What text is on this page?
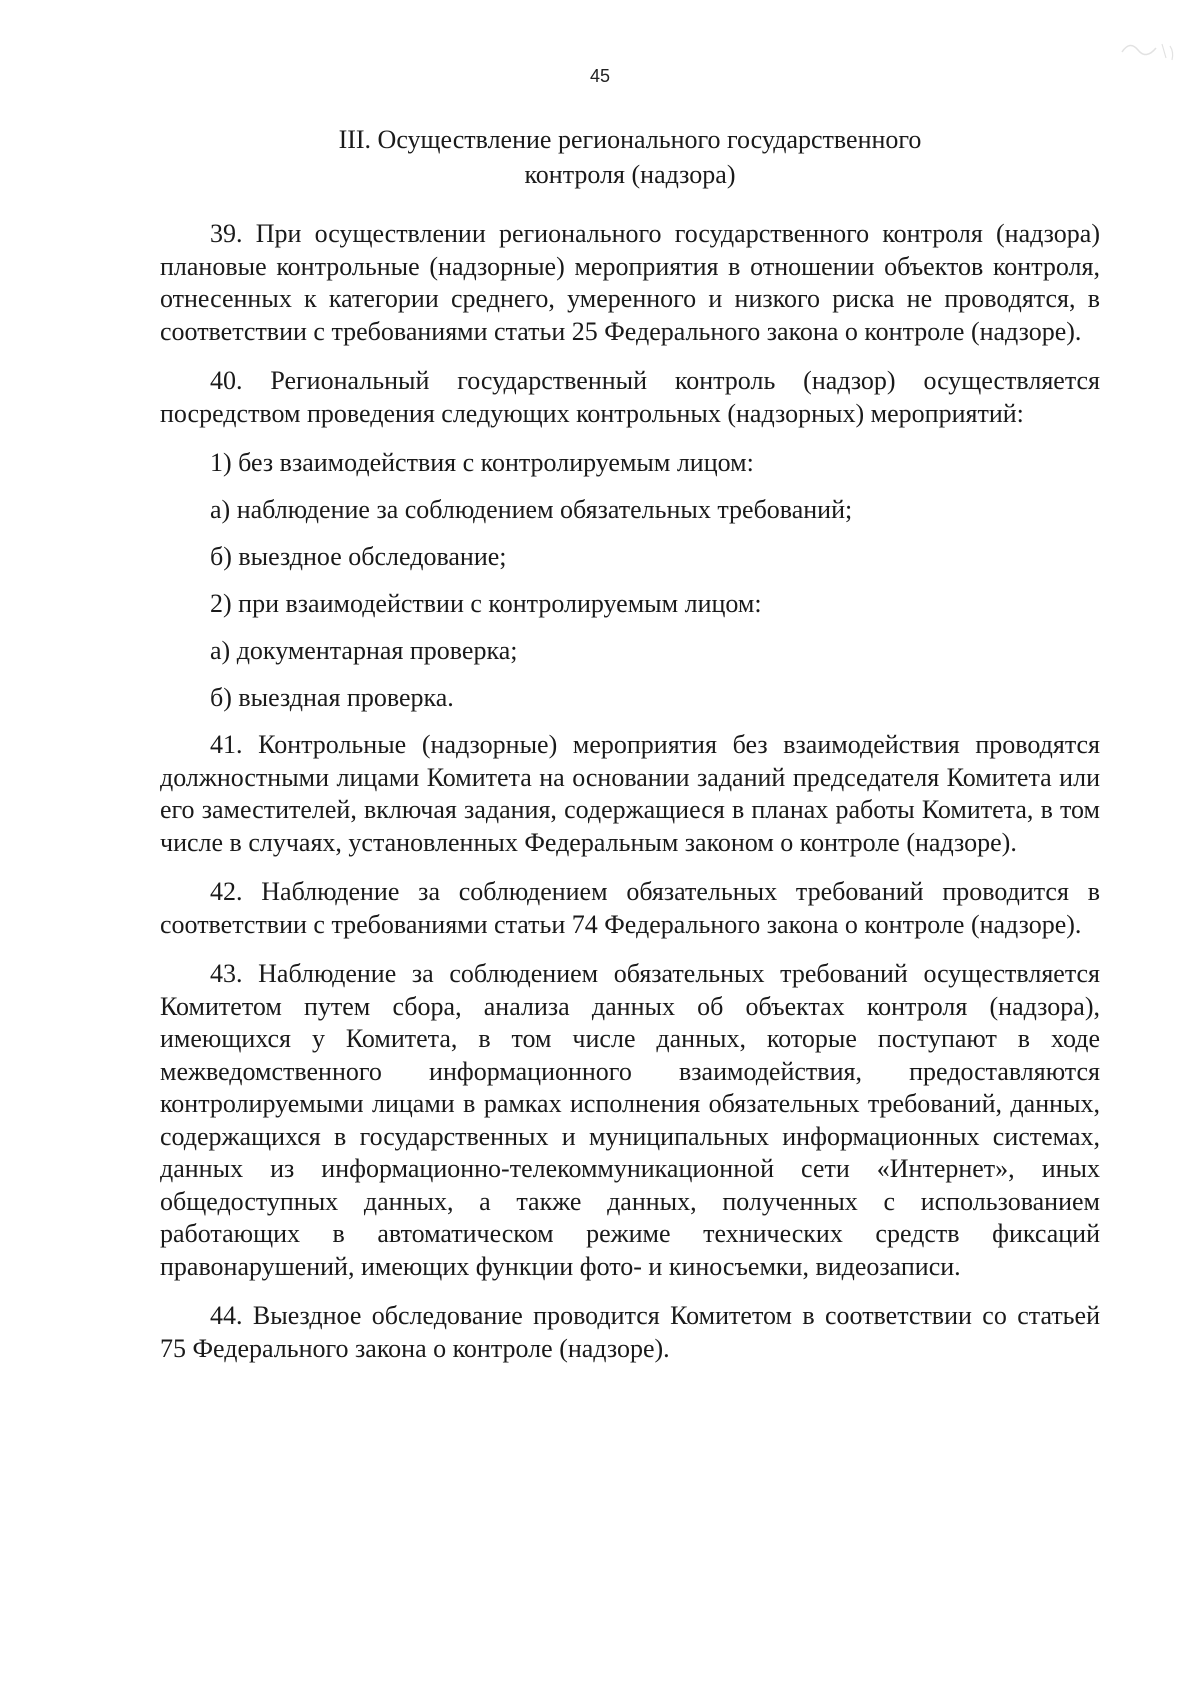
45
III. Осуществление регионального государственного
контроля (надзора)

39. При осуществлении регионального государственного контроля (надзора) плановые контрольные (надзорные) мероприятия в отношении объектов контроля, отнесенных к категории среднего, умеренного и низкого риска не проводятся, в соответствии с требованиями статьи 25 Федерального закона о контроле (надзоре).

40. Региональный государственный контроль (надзор) осуществляется посредством проведения следующих контрольных (надзорных) мероприятий:

1) без взаимодействия с контролируемым лицом:

а) наблюдение за соблюдением обязательных требований;

б) выездное обследование;

2) при взаимодействии с контролируемым лицом:

а) документарная проверка;

б) выездная проверка.

41. Контрольные (надзорные) мероприятия без взаимодействия проводятся должностными лицами Комитета на основании заданий председателя Комитета или его заместителей, включая задания, содержащиеся в планах работы Комитета, в том числе в случаях, установленных Федеральным законом о контроле (надзоре).

42. Наблюдение за соблюдением обязательных требований проводится в соответствии с требованиями статьи 74 Федерального закона о контроле (надзоре).

43. Наблюдение за соблюдением обязательных требований осуществляется Комитетом путем сбора, анализа данных об объектах контроля (надзора), имеющихся у Комитета, в том числе данных, которые поступают в ходе межведомственного информационного взаимодействия, предоставляются контролируемыми лицами в рамках исполнения обязательных требований, данных, содержащихся в государственных и муниципальных информационных системах, данных из информационно-телекоммуникационной сети «Интернет», иных общедоступных данных, а также данных, полученных с использованием работающих в автоматическом режиме технических средств фиксаций правонарушений, имеющих функции фото- и киносъемки, видеозаписи.

44. Выездное обследование проводится Комитетом в соответствии со статьей 75 Федерального закона о контроле (надзоре).
